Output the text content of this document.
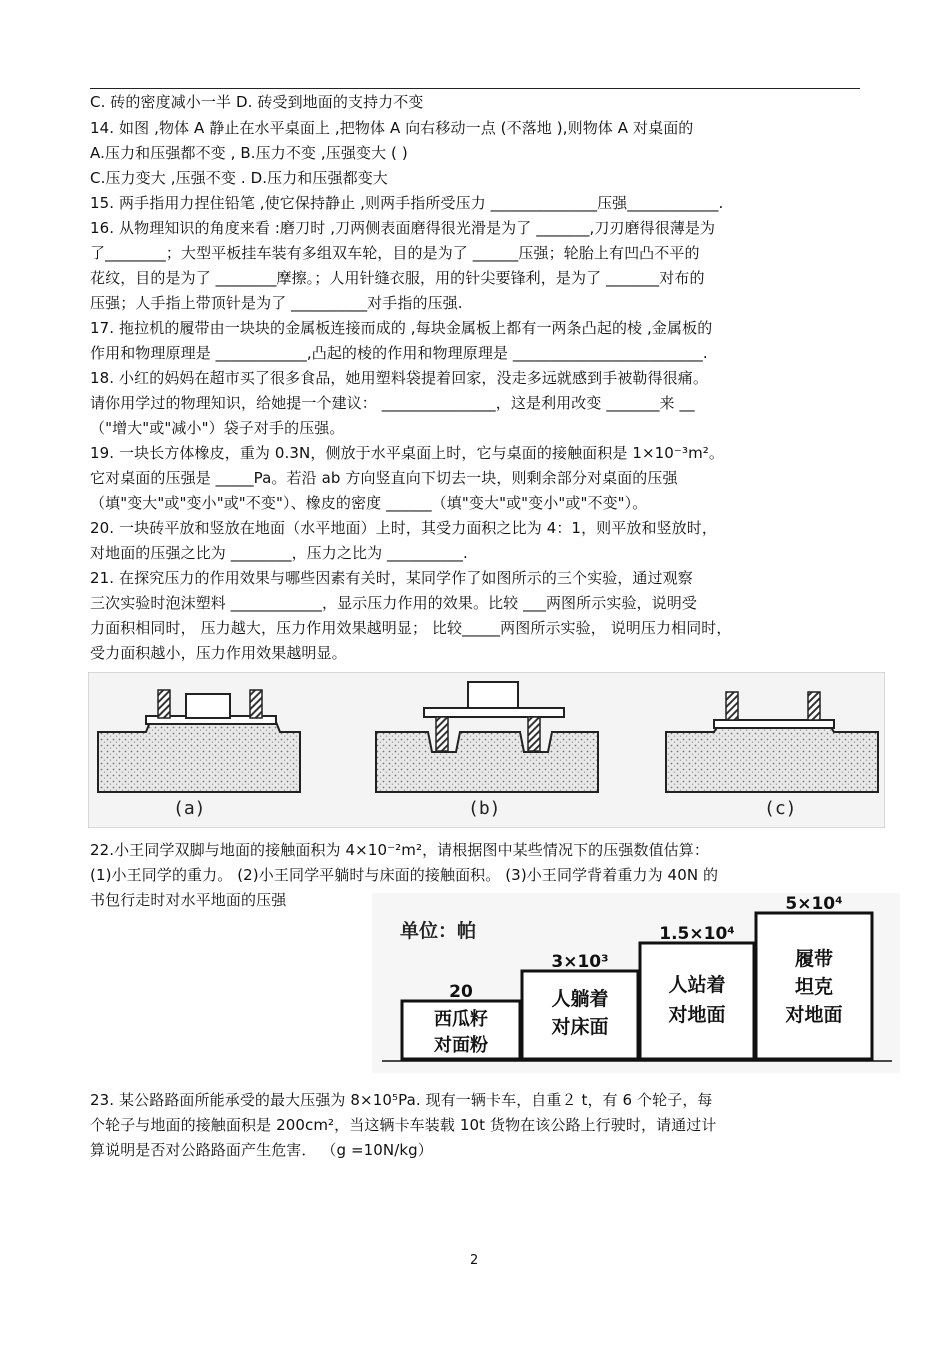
C. 砖的密度减小一半 D. 砖受到地面的支持力不变
14. 如图 ,物体 A 静止在水平桌面上 ,把物体 A 向右移动一点 (不落地 ),则物体 A 对桌面的
A.压力和压强都不变 , B.压力不变 ,压强变大 ( )
C.压力变大 ,压强不变 . D.压力和压强都变大
15. 两手指用力捏住铅笔 ,使它保持静止 ,则两手指所受压力 ______________压强____________.
16. 从物理知识的角度来看 :磨刀时 ,刀两侧表面磨得很光滑是为了 _______,刀刃磨得很薄是为
了________；大型平板挂车装有多组双车轮，目的是为了 ______压强；轮胎上有凹凸不平的
花纹，目的是为了 ________摩擦。；人用针缝衣服，用的针尖要锋利，是为了 _______对布的
压强；人手指上带顶针是为了 __________对手指的压强.
17. 拖拉机的履带由一块块的金属板连接而成的 ,每块金属板上都有一两条凸起的棱 ,金属板的
作用和物理原理是 ____________,凸起的棱的作用和物理原理是 _________________________.
18. 小红的妈妈在超市买了很多食品，她用塑料袋提着回家，没走多远就感到手被勒得很痛。
请你用学过的物理知识，给她提一个建议： _______________，这是利用改变 _______来 __
（"增大"或"减小"）袋子对手的压强。
19. 一块长方体橡皮，重为 0.3N，侧放于水平桌面上时，它与桌面的接触面积是 1×10⁻³m²。
它对桌面的压强是 _____Pa。若沿 ab 方向竖直向下切去一块，则剩余部分对桌面的压强
（填"变大"或"变小"或"不变"）、橡皮的密度 ______（填"变大"或"变小"或"不变"）。
20. 一块砖平放和竖放在地面（水平地面）上时，其受力面积之比为 4：1，则平放和竖放时，
对地面的压强之比为 ________，压力之比为 __________.
21. 在探究压力的作用效果与哪些因素有关时，某同学作了如图所示的三个实验，通过观察
三次实验时泡沫塑料 ____________，显示压力作用的效果。比较 ___两图所示实验，说明受
力面积相同时， 压力越大，压力作用效果越明显； 比较_____两图所示实验， 说明压力相同时，
受力面积越小，压力作用效果越明显。
(a)	(b)	(c)
22.小王同学双脚与地面的接触面积为 4×10⁻²m²，请根据图中某些情况下的压强数值估算：
(1)小王同学的重力。 (2)小王同学平躺时与床面的接触面积。 (3)小王同学背着重力为 40N 的
书包行走时对水平地面的压强
单位：帕
20
西瓜籽
对面粉
3×10³
人躺着
对床面
1.5×10⁴
人站着
对地面
5×10⁴
履带
坦克
对地面
23. 某公路路面所能承受的最大压强为 8×10⁵Pa. 现有一辆卡车，自重２ t，有 6 个轮子，每
个轮子与地面的接触面积是 200cm²，当这辆卡车装载 10t 货物在该公路上行驶时，请通过计
算说明是否对公路路面产生危害． （g =10N/kg）
2
